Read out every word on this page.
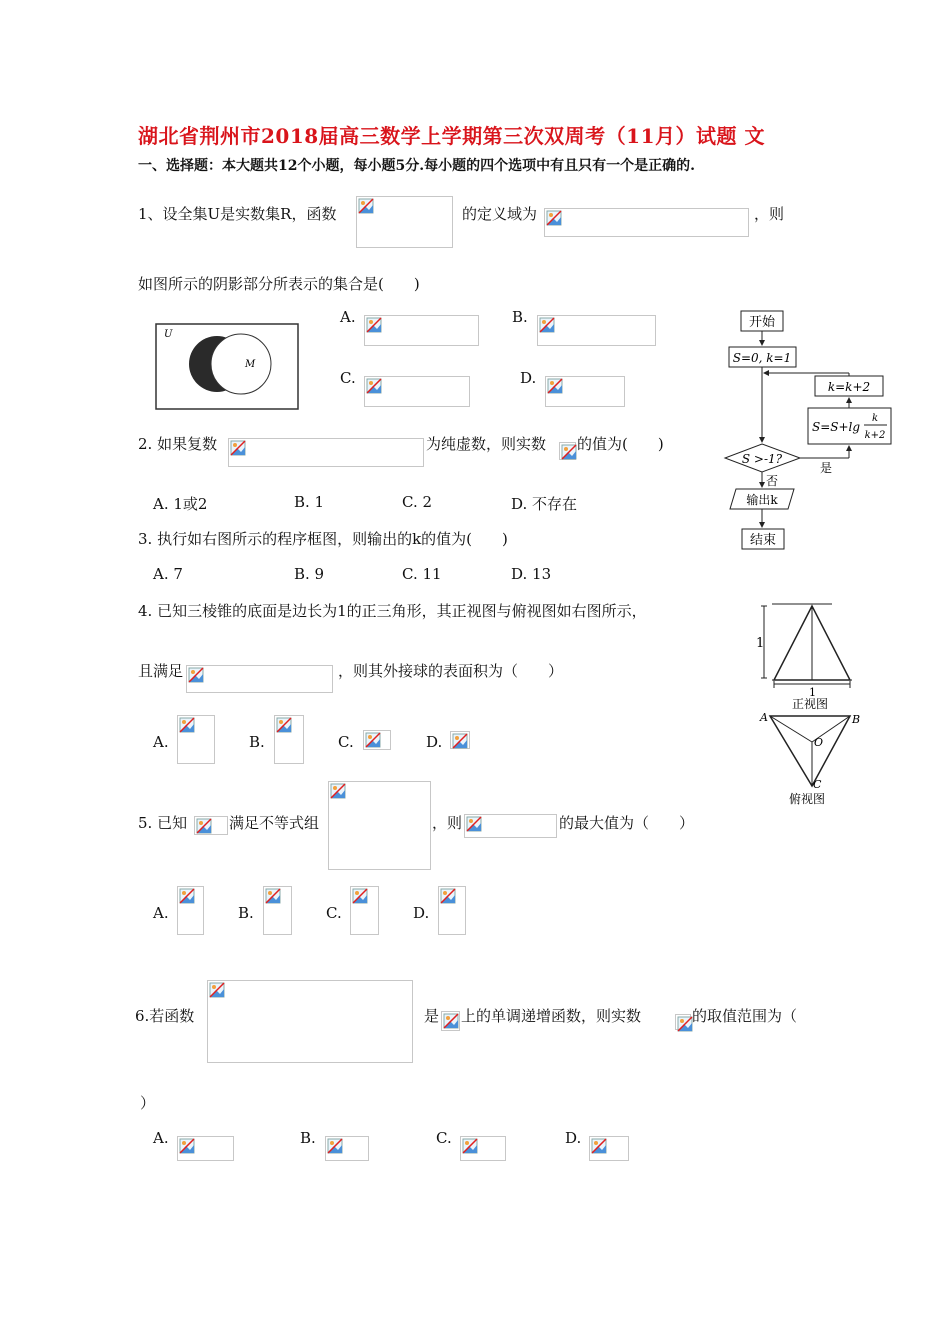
湖北省荆州市2018届高三数学上学期第三次双周考（11月）试题 文
一、选择题：本大题共12个小题，每小题5分.每小题的四个选项中有且只有一个是正确的.
1、设全集U是实数集R，函数	的定义域为	，则
如图所示的阴影部分所表示的集合是(　　)
U
M
A.	B.
C.	D.
开始
S=0, k=1
k=k+2
S=S+lg
k
k+2
S >-1?
是
否
输出k
结束
2. 如果复数	为纯虚数，则实数 的值为(　　)
A. 1或2	B. 1	C. 2	D. 不存在
3. 执行如右图所示的程序框图，则输出的k的值为(　　)
A. 7	B. 9	C. 11	D. 13
4. 已知三棱锥的底面是边长为1的正三角形，其正视图与俯视图如右图所示，
且满足	，则其外接球的表面积为（　　）
1
1
正视图
A	B
O
C
俯视图
A.	B.	C.	D.
5. 已知	满足不等式组	，则	的最大值为（　　）
A.	B.	C.	D.
6.若函数	是 上的单调递增函数，则实数	的取值范围为（
）
A.	B.	C.	D.
